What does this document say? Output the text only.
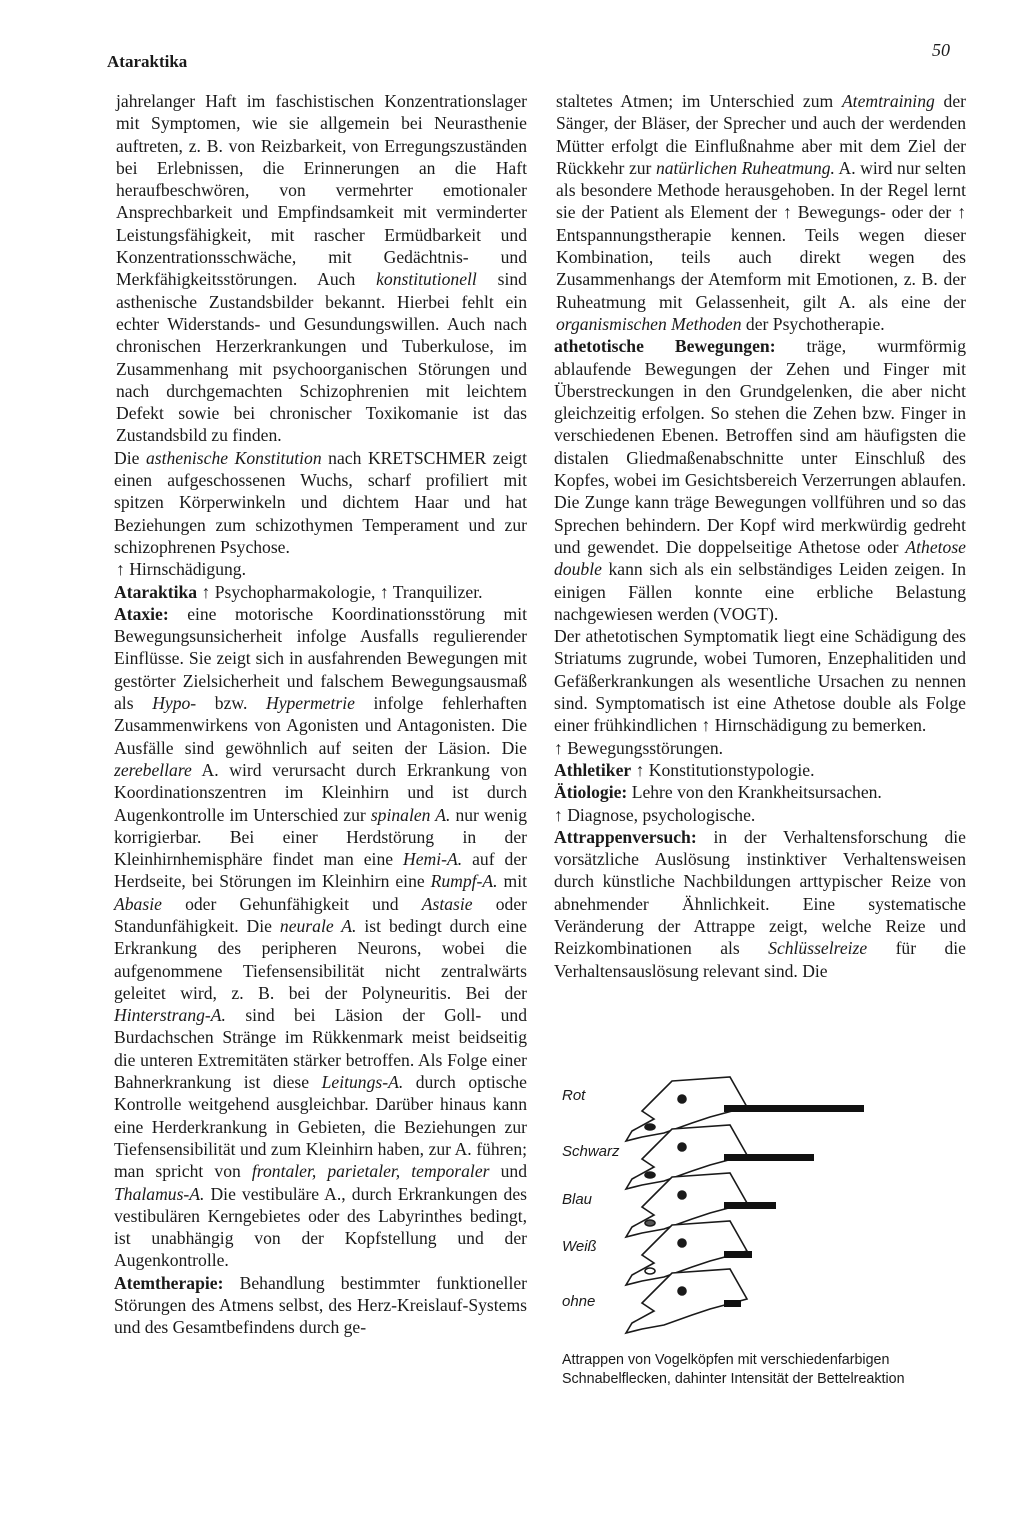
Ataraktika
50

jahrelanger Haft im faschistischen Konzentrationslager mit Symptomen, wie sie allgemein bei Neurasthenie auftreten, z. B. von Reizbarkeit, von Erregungszuständen bei Erlebnissen, die Erinnerungen an die Haft heraufbeschwören, von vermehrter emotionaler Ansprechbarkeit und Empfindsamkeit mit verminderter Leistungsfähigkeit, mit rascher Ermüdbarkeit und Konzentrationsschwäche, mit Gedächtnis- und Merkfähigkeitsstörungen. Auch konstitutionell sind asthenische Zustandsbilder bekannt. Hierbei fehlt ein echter Widerstands- und Gesundungswillen. Auch nach chronischen Herzerkrankungen und Tuberkulose, im Zusammenhang mit psychoorganischen Störungen und nach durchgemachten Schizophrenien mit leichtem Defekt sowie bei chronischer Toxikomanie ist das Zustandsbild zu finden.

Die asthenische Konstitution nach KRETSCHMER zeigt einen aufgeschossenen Wuchs, scharf profiliert mit spitzen Körperwinkeln und dichtem Haar und hat Beziehungen zum schizothymen Temperament und zur schizophrenen Psychose.

↑ Hirnschädigung.

Ataraktika ↑ Psychopharmakologie, ↑ Tranquilizer.

Ataxie: eine motorische Koordinationsstörung mit Bewegungsunsicherheit infolge Ausfalls regulierender Einflüsse. Sie zeigt sich in ausfahrenden Bewegungen mit gestörter Zielsicherheit und falschem Bewegungsausmaß als Hypo- bzw. Hypermetrie infolge fehlerhaften Zusammenwirkens von Agonisten und Antagonisten. Die Ausfälle sind gewöhnlich auf seiten der Läsion. Die zerebellare A. wird verursacht durch Erkrankung von Koordinationszentren im Kleinhirn und ist durch Augenkontrolle im Unterschied zur spinalen A. nur wenig korrigierbar. Bei einer Herdstörung in der Kleinhirnhemisphäre findet man eine Hemi-A. auf der Herdseite, bei Störungen im Kleinhirn eine Rumpf-A. mit Abasie oder Gehunfähigkeit und Astasie oder Standunfähigkeit. Die neurale A. ist bedingt durch eine Erkrankung des peripheren Neurons, wobei die aufgenommene Tiefensensibilität nicht zentralwärts geleitet wird, z. B. bei der Polyneuritis. Bei der Hinterstrang-A. sind bei Läsion der Goll- und Burdachschen Stränge im Rükkenmark meist beidseitig die unteren Extremitäten stärker betroffen. Als Folge einer Bahnerkrankung ist diese Leitungs-A. durch optische Kontrolle weitgehend ausgleichbar. Darüber hinaus kann eine Herderkrankung in Gebieten, die Beziehungen zur Tiefensensibilität und zum Kleinhirn haben, zur A. führen; man spricht von frontaler, parietaler, temporaler und Thalamus-A. Die vestibuläre A., durch Erkrankungen des vestibulären Kerngebietes oder des Labyrinthes bedingt, ist unabhängig von der Kopfstellung und der Augenkontrolle.

Atemtherapie: Behandlung bestimmter funktioneller Störungen des Atmens selbst, des Herz-Kreislauf-Systems und des Gesamtbefindens durch ge-

staltetes Atmen; im Unterschied zum Atemtraining der Sänger, der Bläser, der Sprecher und auch der werdenden Mütter erfolgt die Einflußnahme aber mit dem Ziel der Rückkehr zur natürlichen Ruheatmung. A. wird nur selten als besondere Methode herausgehoben. In der Regel lernt sie der Patient als Element der ↑ Bewegungs- oder der ↑ Entspannungstherapie kennen. Teils wegen dieser Kombination, teils auch direkt wegen des Zusammenhangs der Atemform mit Emotionen, z. B. der Ruheatmung mit Gelassenheit, gilt A. als eine der organismischen Methoden der Psychotherapie.

athetotische Bewegungen: träge, wurmförmig ablaufende Bewegungen der Zehen und Finger mit Überstreckungen in den Grundgelenken, die aber nicht gleichzeitig erfolgen. So stehen die Zehen bzw. Finger in verschiedenen Ebenen. Betroffen sind am häufigsten die distalen Gliedmaßenabschnitte unter Einschluß des Kopfes, wobei im Gesichtsbereich Verzerrungen ablaufen. Die Zunge kann träge Bewegungen vollführen und so das Sprechen behindern. Der Kopf wird merkwürdig gedreht und gewendet. Die doppelseitige Athetose oder Athetose double kann sich als ein selbständiges Leiden zeigen. In einigen Fällen konnte eine erbliche Belastung nachgewiesen werden (VOGT).

Der athetotischen Symptomatik liegt eine Schädigung des Striatums zugrunde, wobei Tumoren, Enzephalitiden und Gefäßerkrankungen als wesentliche Ursachen zu nennen sind. Symptomatisch ist eine Athetose double als Folge einer frühkindlichen ↑ Hirnschädigung zu bemerken.

↑ Bewegungsstörungen.

Athletiker ↑ Konstitutionstypologie.

Ätiologie: Lehre von den Krankheitsursachen.

↑ Diagnose, psychologische.

Attrappenversuch: in der Verhaltensforschung die vorsätzliche Auslösung instinktiver Verhaltensweisen durch künstliche Nachbildungen arttypischer Reize von abnehmender Ähnlichkeit. Eine systematische Veränderung der Attrappe zeigt, welche Reize und Reizkombinationen als Schlüsselreize für die Verhaltensauslösung relevant sind. Die

Rot
Schwarz
Blau
Weiß
ohne
Attrappen von Vogelköpfen mit verschiedenfarbigen
Schnabelflecken, dahinter Intensität der Bettelreaktion
